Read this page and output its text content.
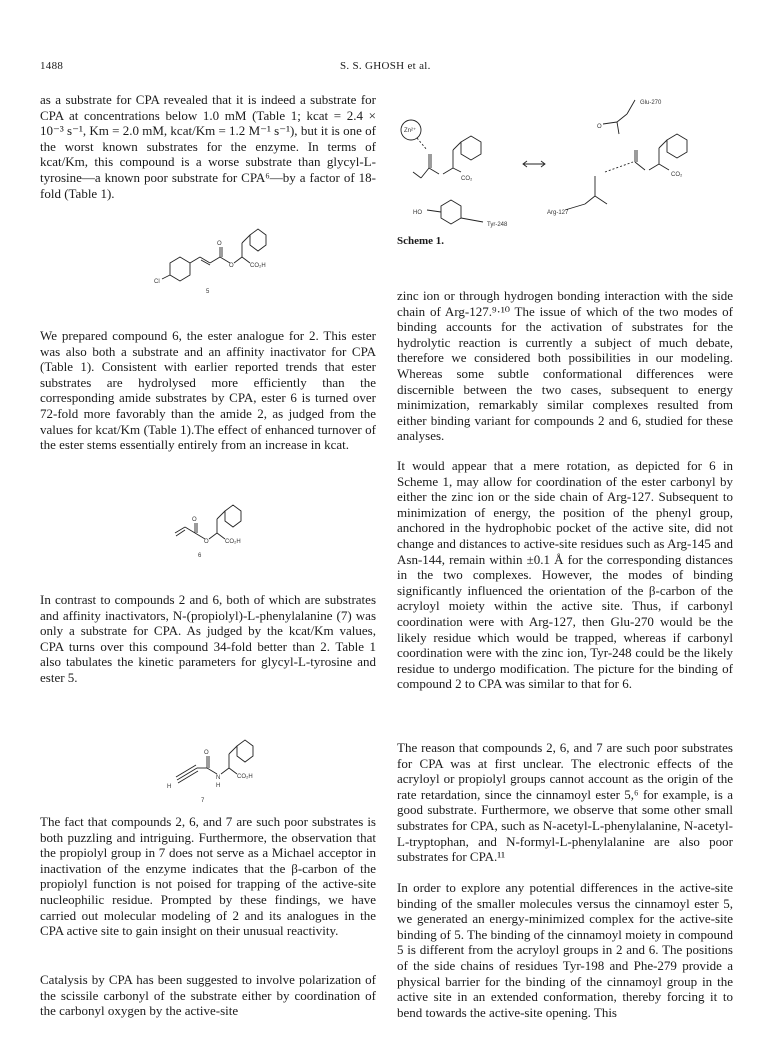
1488	S. S. GHOSH et al.

as a substrate for CPA revealed that it is indeed a substrate for CPA at concentrations below 1.0 mM (Table 1; kcat = 2.4 × 10⁻³ s⁻¹, Km = 2.0 mM, kcat/Km = 1.2 M⁻¹ s⁻¹), but it is one of the worst known substrates for the enzyme. In terms of kcat/Km, this compound is a worse substrate than glycyl-L-tyrosine—a known poor substrate for CPA⁶—by a factor of 18-fold (Table 1).

Cl
O
O	CO₂H
5

We prepared compound 6, the ester analogue for 2. This ester was also both a substrate and an affinity inactivator for CPA (Table 1). Consistent with earlier reported trends that ester substrates are hydrolysed more efficiently than the corresponding amide substrates by CPA, ester 6 is turned over 72-fold more favorably than the amide 2, as judged from the values for kcat/Km (Table 1).The effect of enhanced turnover of the ester stems essentially entirely from an increase in kcat.

O
O	CO₂H
6

In contrast to compounds 2 and 6, both of which are substrates and affinity inactivators, N-(propiolyl)-L-phenylalanine (7) was only a substrate for CPA. As judged by the kcat/Km values, CPA turns over this compound 34-fold better than 2. Table 1 also tabulates the kinetic parameters for glycyl-L-tyrosine and ester 5.

H
O
N
H
CO₂H
7

The fact that compounds 2, 6, and 7 are such poor substrates is both puzzling and intriguing. Furthermore, the observation that the propiolyl group in 7 does not serve as a Michael acceptor in inactivation of the enzyme indicates that the β-carbon of the propiolyl function is not poised for trapping of the active-site nucleophilic residue. Prompted by these findings, we have carried out molecular modeling of 2 and its analogues in the CPA active site to gain insight on their unusual reactivity.

Catalysis by CPA has been suggested to involve polarization of the scissile carbonyl of the substrate either by coordination of the carbonyl oxygen by the active-site

Zn²⁺
Glu-270
O
CO₂
CO₂
HO
Tyr-248
Arg-127
Scheme 1.

zinc ion or through hydrogen bonding interaction with the side chain of Arg-127.⁹·¹⁰ The issue of which of the two modes of binding accounts for the activation of substrates for the hydrolytic reaction is currently a subject of much debate, therefore we considered both possibilities in our modeling. Whereas some subtle conformational differences were discernible between the two cases, subsequent to energy minimization, remarkably similar complexes resulted from either binding variant for compounds 2 and 6, studied for these analyses.

It would appear that a mere rotation, as depicted for 6 in Scheme 1, may allow for coordination of the ester carbonyl by either the zinc ion or the side chain of Arg-127. Subsequent to minimization of energy, the position of the phenyl group, anchored in the hydrophobic pocket of the active site, did not change and distances to active-site residues such as Arg-145 and Asn-144, remain within ±0.1 Å for the corresponding distances in the two complexes. However, the modes of binding significantly influenced the orientation of the β-carbon of the acryloyl moiety within the active site. Thus, if carbonyl coordination were with Arg-127, then Glu-270 would be the likely residue which would be trapped, whereas if carbonyl coordination were with the zinc ion, Tyr-248 could be the likely residue to undergo modification. The picture for the binding of compound 2 to CPA was similar to that for 6.

The reason that compounds 2, 6, and 7 are such poor substrates for CPA was at first unclear. The electronic effects of the acryloyl or propiolyl groups cannot account as the origin of the rate retardation, since the cinnamoyl ester 5,⁶ for example, is a good substrate. Furthermore, we observe that some other small substrates for CPA, such as N-acetyl-L-phenylalanine, N-acetyl-L-tryptophan, and N-formyl-L-phenylalanine are also poor substrates for CPA.¹¹

In order to explore any potential differences in the active-site binding of the smaller molecules versus the cinnamoyl ester 5, we generated an energy-minimized complex for the active-site binding of 5. The binding of the cinnamoyl moiety in compound 5 is different from the acryloyl groups in 2 and 6. The positions of the side chains of residues Tyr-198 and Phe-279 provide a physical barrier for the binding of the cinnamoyl group in the active site in an extended conformation, thereby forcing it to bend towards the active-site opening. This
